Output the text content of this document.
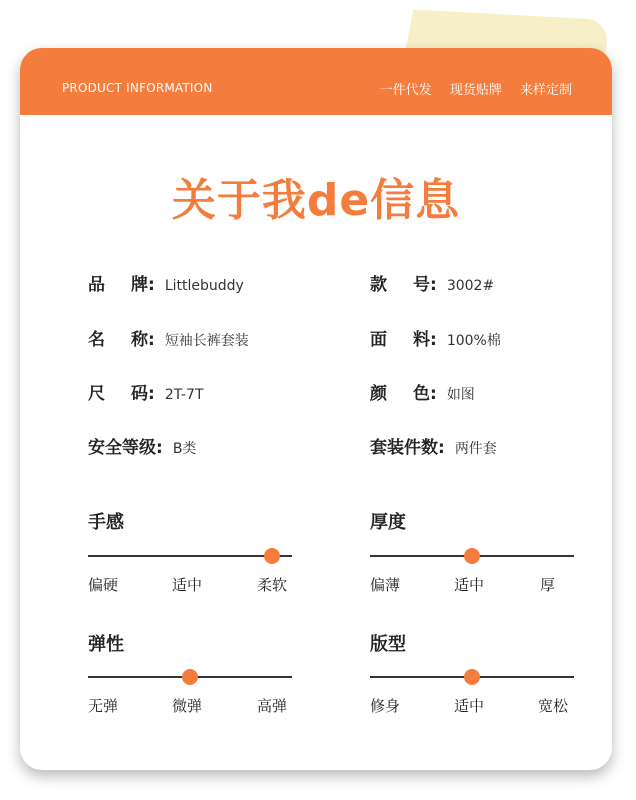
PRODUCT INFORMATION	一件代发 现货贴牌 来样定制
关于我de信息
品牌: Littlebuddy	款号: 3002#
名称: 短袖长裤套装	面料: 100%棉
尺码: 2T-7T	颜色: 如图
安全等级: B类	套装件数: 两件套
手感
偏硬	适中	柔软
厚度
偏薄	适中	厚
弹性
无弹	微弹	高弹
版型
修身	适中	宽松
